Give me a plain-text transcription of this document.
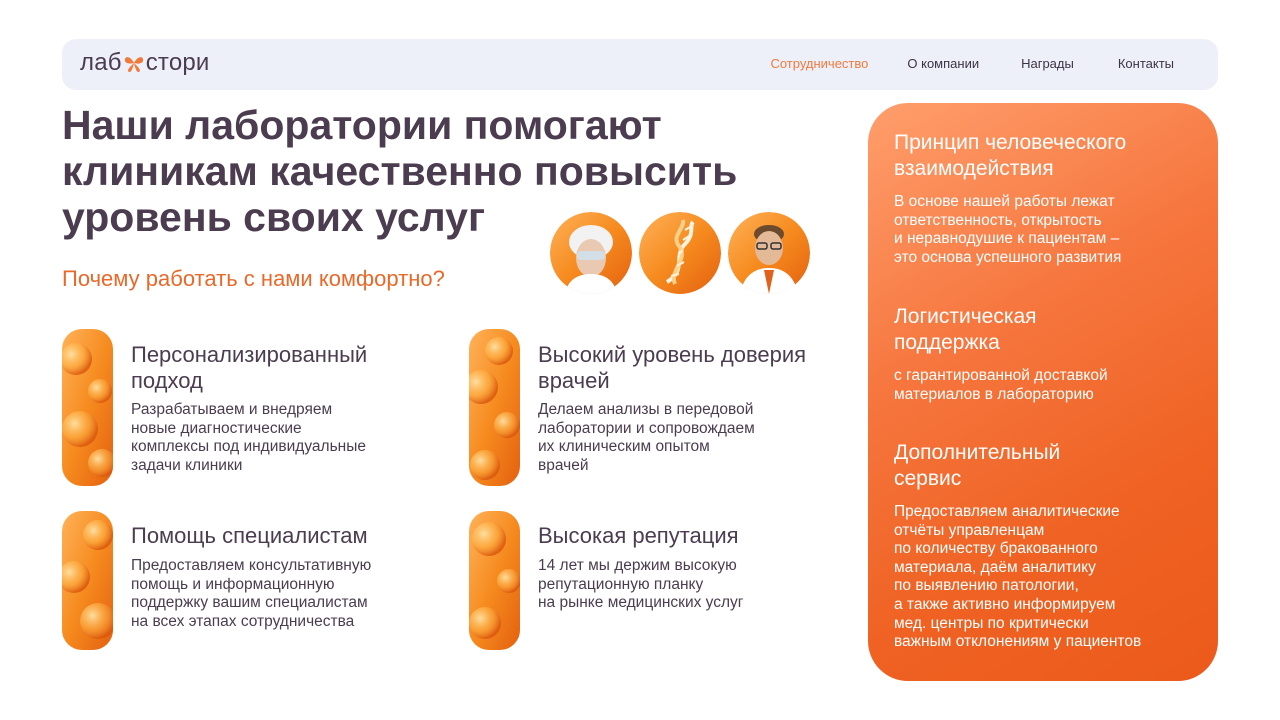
лаб стори	Сотрудничество	О компании	Награды	Контакты
Наши лаборатории помогают клиникам качественно повысить уровень своих услуг
Почему работать с нами комфортно?
Персонализированный подход

Разрабатываем и внедряем
новые диагностические
комплексы под индивидуальные
задачи клиники

Высокий уровень доверия врачей

Делаем анализы в передовой
лаборатории и сопровождаем
их клиническим опытом
врачей

Помощь специалистам

Предоставляем консультативную
помощь и информационную
поддержку вашим специалистам
на всех этапах сотрудничества

Высокая репутация

14 лет мы держим высокую
репутационную планку
на рынке медицинских услуг

Принцип человеческого
взаимодействия

В основе нашей работы лежат
ответственность, открытость
и неравнодушие к пациентам –
это основа успешного развития

Логистическая
поддержка

с гарантированной доставкой
материалов в лабораторию

Дополнительный
сервис

Предоставляем аналитические
отчёты управленцам
по количеству бракованного
материала, даём аналитику
по выявлению патологии,
а также активно информируем
мед. центры по критически
важным отклонениям у пациентов
